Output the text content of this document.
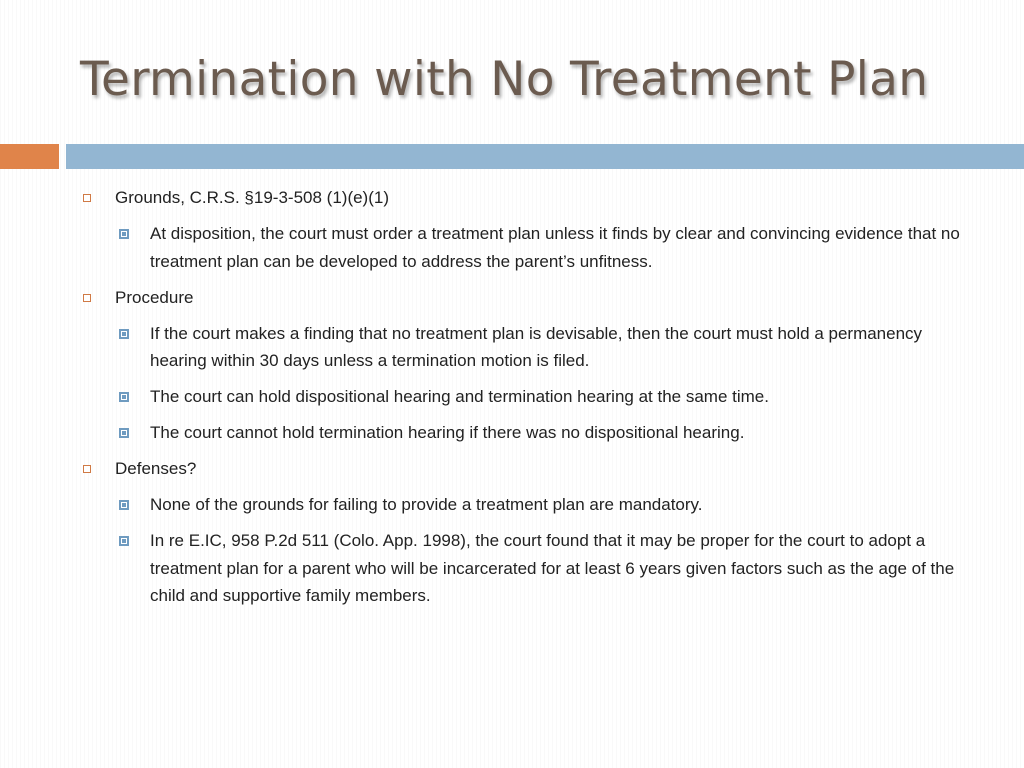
Termination with No Treatment Plan
Grounds, C.R.S. §19-3-508 (1)(e)(1)
At disposition, the court must order a treatment plan unless it finds by clear and convincing evidence that no treatment plan can be developed to address the parent’s unfitness.
Procedure
If the court makes a finding that no treatment plan is devisable, then the court must hold a permanency hearing within 30 days unless a termination motion is filed.
The court can hold dispositional hearing and termination hearing at the same time.
The court cannot hold termination hearing if there was no dispositional hearing.
Defenses?
None of the grounds for failing to provide a treatment plan are mandatory.
In re E.IC, 958 P.2d 511 (Colo. App. 1998), the court found that it may be proper for the court to adopt a treatment plan for a parent who will be incarcerated for at least 6 years given factors such as the age of the child and supportive family members.
